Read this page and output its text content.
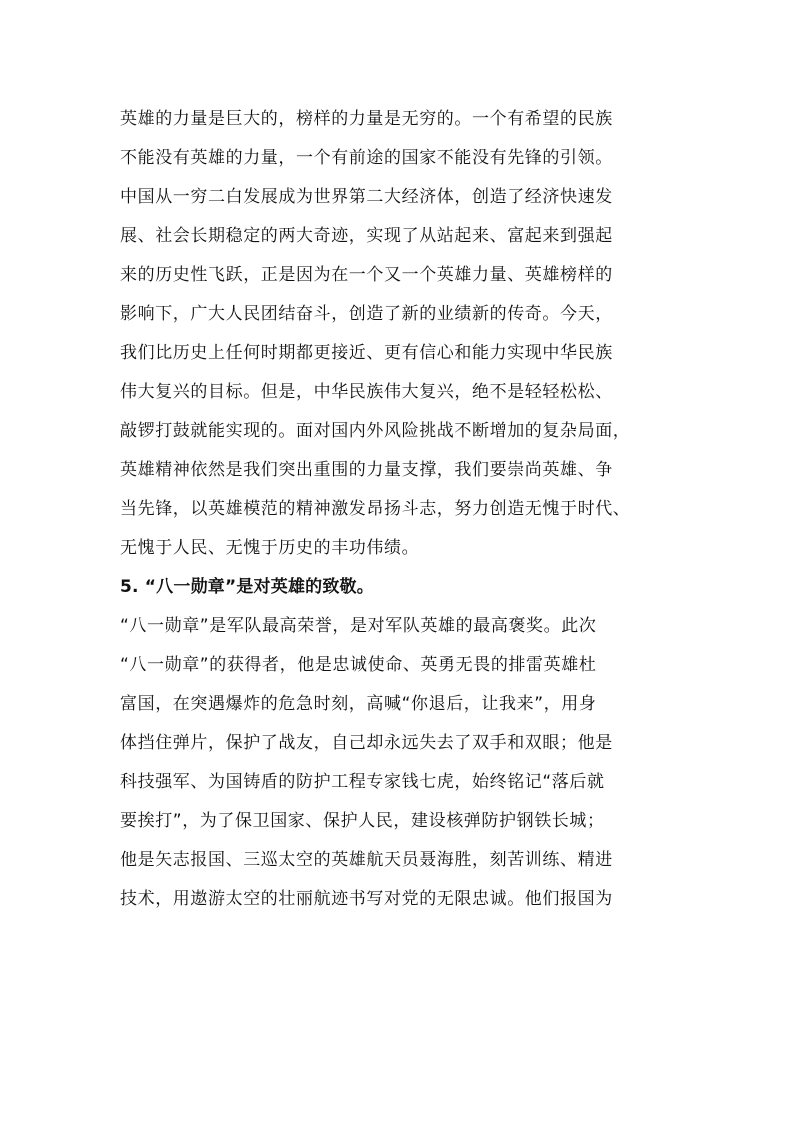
英雄的力量是巨大的，榜样的力量是无穷的。一个有希望的民族
不能没有英雄的力量，一个有前途的国家不能没有先锋的引领。
中国从一穷二白发展成为世界第二大经济体，创造了经济快速发
展、社会长期稳定的两大奇迹，实现了从站起来、富起来到强起
来的历史性飞跃，正是因为在一个又一个英雄力量、英雄榜样的
影响下，广大人民团结奋斗，创造了新的业绩新的传奇。今天，
我们比历史上任何时期都更接近、更有信心和能力实现中华民族
伟大复兴的目标。但是，中华民族伟大复兴，绝不是轻轻松松、
敲锣打鼓就能实现的。面对国内外风险挑战不断增加的复杂局面，
英雄精神依然是我们突出重围的力量支撑，我们要崇尚英雄、争
当先锋，以英雄模范的精神激发昂扬斗志，努力创造无愧于时代、
无愧于人民、无愧于历史的丰功伟绩。
5. “八一勋章”是对英雄的致敬。
“八一勋章”是军队最高荣誉，是对军队英雄的最高褒奖。此次
“八一勋章”的获得者，他是忠诚使命、英勇无畏的排雷英雄杜
富国，在突遇爆炸的危急时刻，高喊“你退后，让我来”，用身
体挡住弹片，保护了战友，自己却永远失去了双手和双眼；他是
科技强军、为国铸盾的防护工程专家钱七虎，始终铭记“落后就
要挨打”，为了保卫国家、保护人民，建设核弹防护钢铁长城；
他是矢志报国、三巡太空的英雄航天员聂海胜，刻苦训练、精进
技术，用遨游太空的壮丽航迹书写对党的无限忠诚。他们报国为
